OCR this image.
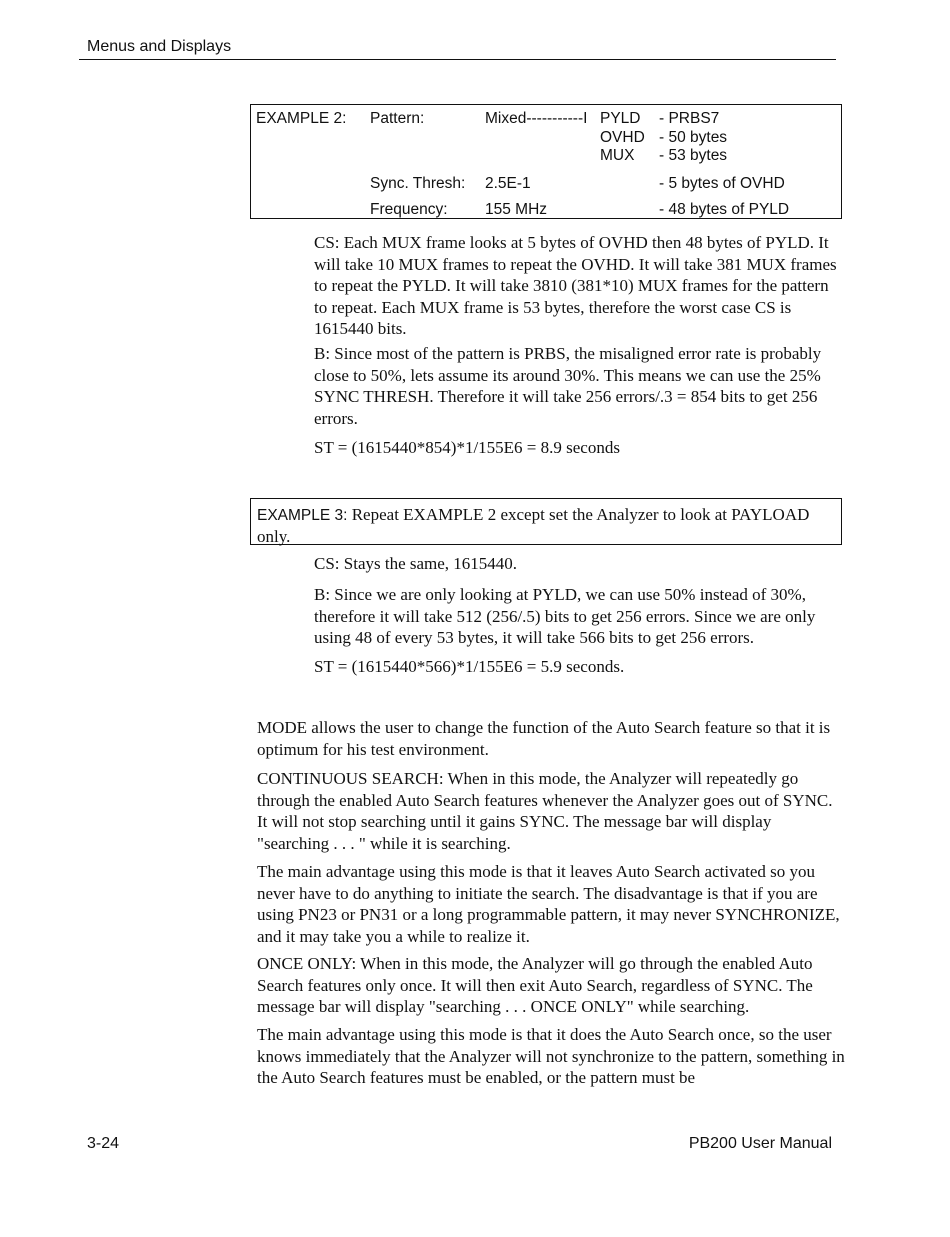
Menus and Displays
EXAMPLE 2: Pattern:	Mixed-----------I PYLD - PRBS7
OVHD - 50 bytes
MUX - 53 bytes
Sync. Thresh: 2.5E-1	- 5 bytes of OVHD
Frequency: 155 MHz	- 48 bytes of PYLD

CS: Each MUX frame looks at 5 bytes of OVHD then 48 bytes of PYLD. It will take 10 MUX frames to repeat the OVHD. It will take 381 MUX frames to repeat the PYLD. It will take 3810 (381*10) MUX frames for the pattern to repeat. Each MUX frame is 53 bytes, therefore the worst case CS is 1615440 bits.

B: Since most of the pattern is PRBS, the misaligned error rate is probably close to 50%, lets assume its around 30%. This means we can use the 25% SYNC THRESH. Therefore it will take 256 errors/.3 = 854 bits to get 256 errors.

ST = (1615440*854)*1/155E6 = 8.9 seconds

EXAMPLE 3: Repeat EXAMPLE 2 except set the Analyzer to look at PAYLOAD only.

CS: Stays the same, 1615440.

B: Since we are only looking at PYLD, we can use 50% instead of 30%, therefore it will take 512 (256/.5) bits to get 256 errors. Since we are only using 48 of every 53 bytes, it will take 566 bits to get 256 errors.

ST = (1615440*566)*1/155E6 = 5.9 seconds.

MODE allows the user to change the function of the Auto Search feature so that it is optimum for his test environment.

CONTINUOUS SEARCH: When in this mode, the Analyzer will repeatedly go through the enabled Auto Search features whenever the Analyzer goes out of SYNC. It will not stop searching until it gains SYNC. The message bar will display "searching . . . " while it is searching.

The main advantage using this mode is that it leaves Auto Search activated so you never have to do anything to initiate the search. The disadvantage is that if you are using PN23 or PN31 or a long programmable pattern, it may never SYNCHRONIZE, and it may take you a while to realize it.

ONCE ONLY: When in this mode, the Analyzer will go through the enabled Auto Search features only once. It will then exit Auto Search, regardless of SYNC. The message bar will display "searching . . . ONCE ONLY" while searching.

The main advantage using this mode is that it does the Auto Search once, so the user knows immediately that the Analyzer will not synchronize to the pattern, something in the Auto Search features must be enabled, or the pattern must be

3-24	PB200 User Manual
